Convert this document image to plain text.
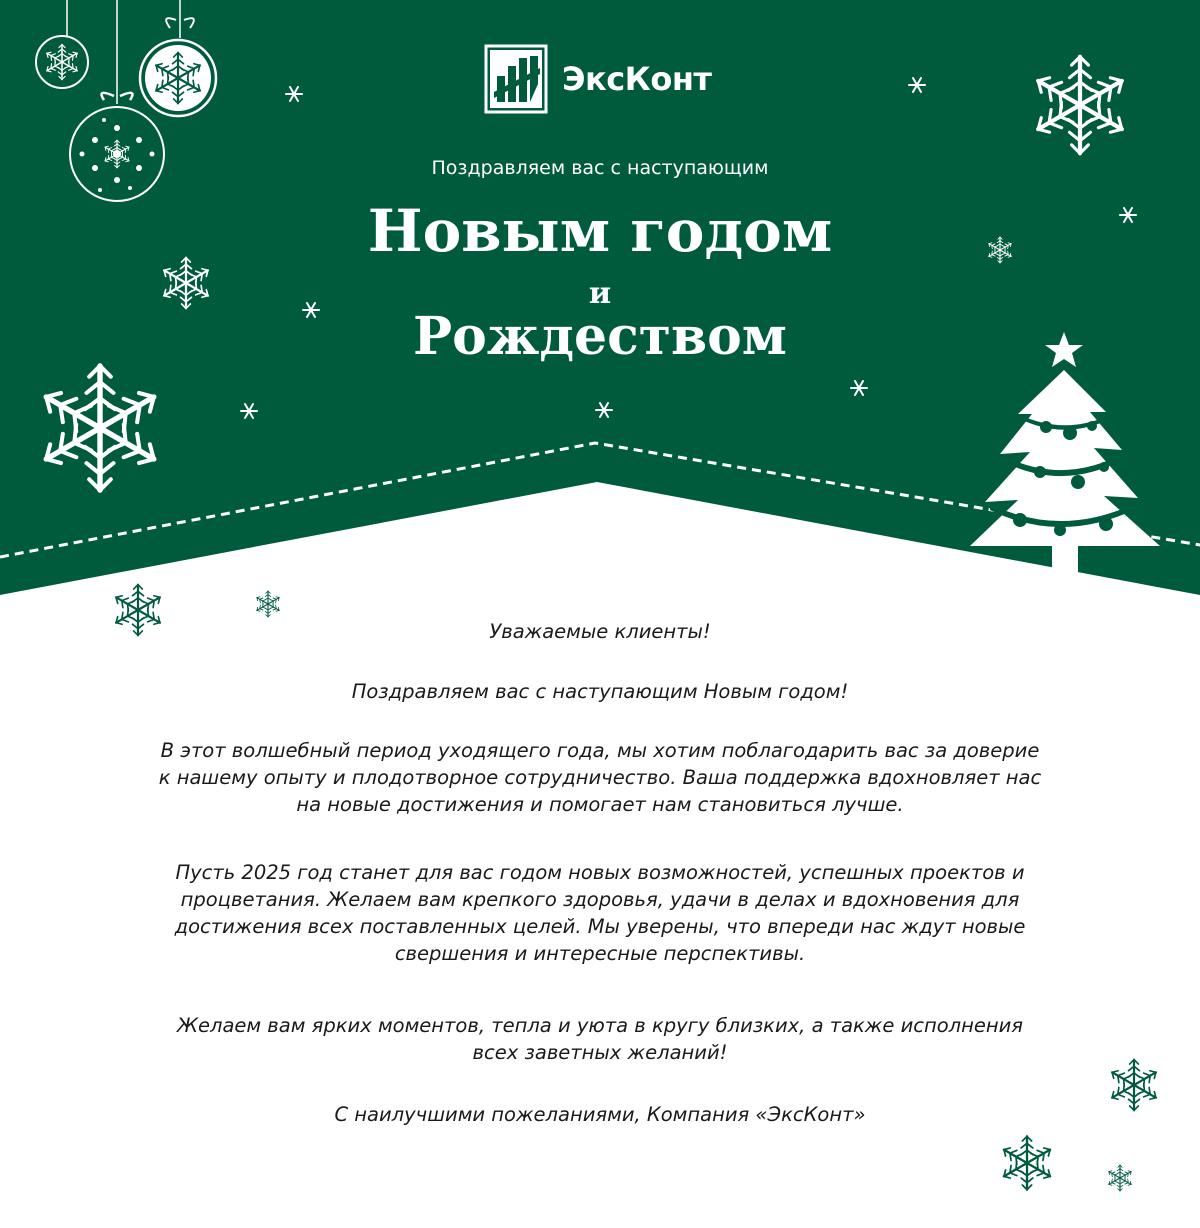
ЭксКонт
Поздравляем вас с наступающим
Новым годом
и
Рождеством
Уважаемые клиенты!
Поздравляем вас с наступающим Новым годом!

В этот волшебный период уходящего года, мы хотим поблагодарить вас за доверие

к нашему опыту и плодотворное сотрудничество. Ваша поддержка вдохновляет нас

на новые достижения и помогает нам становиться лучше.

Пусть 2025 год станет для вас годом новых возможностей, успешных проектов и

процветания. Желаем вам крепкого здоровья, удачи в делах и вдохновения для

достижения всех поставленных целей. Мы уверены, что впереди нас ждут новые

свершения и интересные перспективы.

Желаем вам ярких моментов, тепла и уюта в кругу близких, а также исполнения

всех заветных желаний!

С наилучшими пожеланиями, Компания «ЭксКонт»
